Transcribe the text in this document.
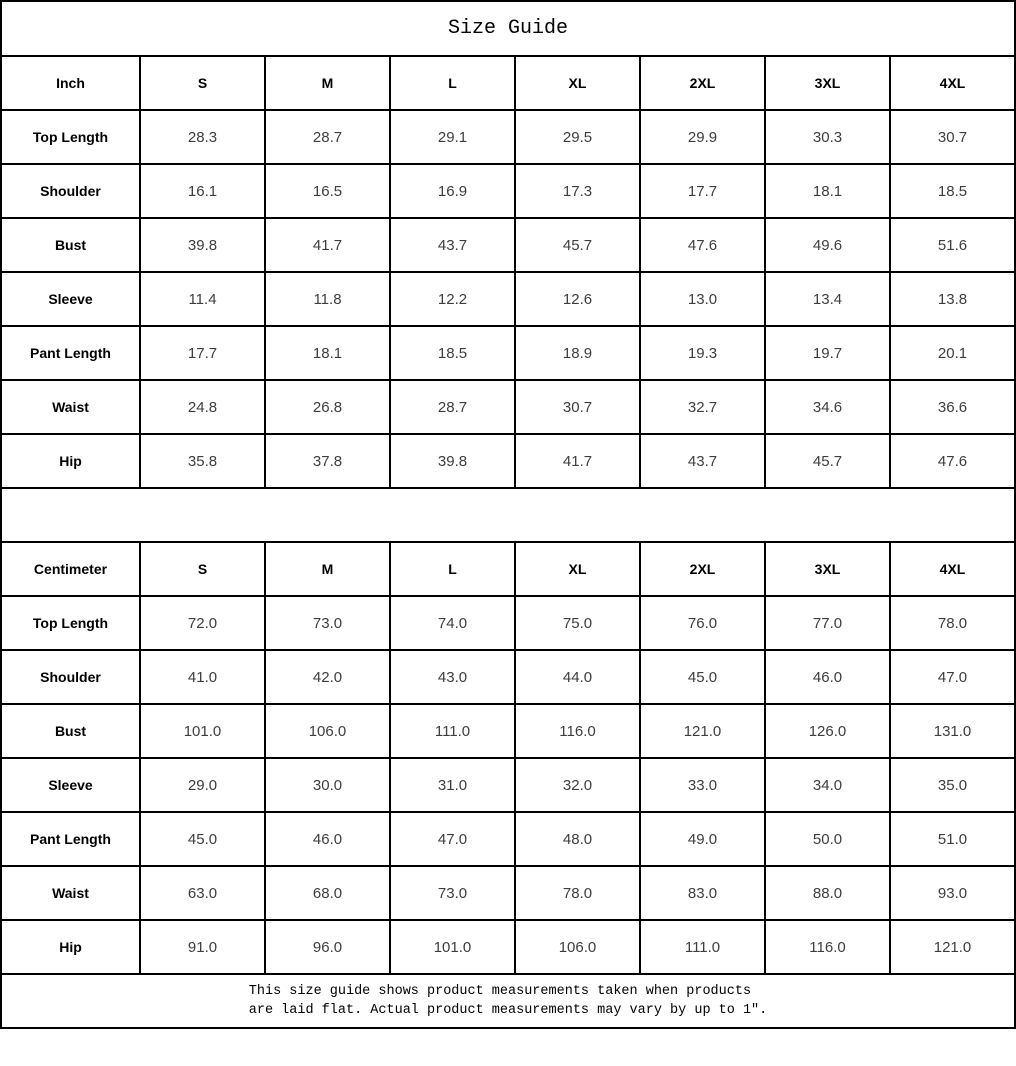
Size Guide							
Inch	S	M	L	XL	2XL	3XL	4XL
Top Length	28.3	28.7	29.1	29.5	29.9	30.3	30.7
Shoulder	16.1	16.5	16.9	17.3	17.7	18.1	18.5
Bust	39.8	41.7	43.7	45.7	47.6	49.6	51.6
Sleeve	11.4	11.8	12.2	12.6	13.0	13.4	13.8
Pant Length	17.7	18.1	18.5	18.9	19.3	19.7	20.1
Waist	24.8	26.8	28.7	30.7	32.7	34.6	36.6
Hip	35.8	37.8	39.8	41.7	43.7	45.7	47.6

Centimeter	S	M	L	XL	2XL	3XL	4XL
Top Length	72.0	73.0	74.0	75.0	76.0	77.0	78.0
Shoulder	41.0	42.0	43.0	44.0	45.0	46.0	47.0
Bust	101.0	106.0	111.0	116.0	121.0	126.0	131.0
Sleeve	29.0	30.0	31.0	32.0	33.0	34.0	35.0
Pant Length	45.0	46.0	47.0	48.0	49.0	50.0	51.0
Waist	63.0	68.0	73.0	78.0	83.0	88.0	93.0
Hip	91.0	96.0	101.0	106.0	111.0	116.0	121.0

This size guide shows product measurements taken when products
are laid flat. Actual product measurements may vary by up to 1″.							
